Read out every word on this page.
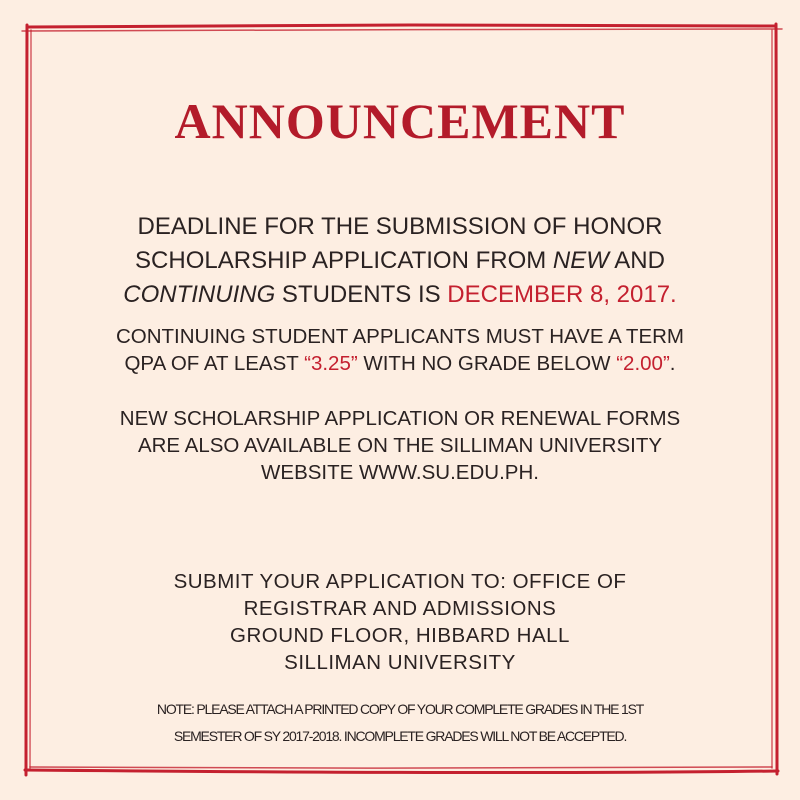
ANNOUNCEMENT
DEADLINE FOR THE SUBMISSION OF HONOR
SCHOLARSHIP APPLICATION FROM NEW AND
CONTINUING STUDENTS IS DECEMBER 8, 2017.
CONTINUING STUDENT APPLICANTS MUST HAVE A TERM
QPA OF AT LEAST “3.25” WITH NO GRADE BELOW “2.00”.
NEW SCHOLARSHIP APPLICATION OR RENEWAL FORMS
ARE ALSO AVAILABLE ON THE SILLIMAN UNIVERSITY
WEBSITE WWW.SU.EDU.PH.
SUBMIT YOUR APPLICATION TO: OFFICE OF
REGISTRAR AND ADMISSIONS
GROUND FLOOR, HIBBARD HALL
SILLIMAN UNIVERSITY
NOTE: PLEASE ATTACH A PRINTED COPY OF YOUR COMPLETE GRADES IN THE 1ST
SEMESTER OF SY 2017-2018. INCOMPLETE GRADES WILL NOT BE ACCEPTED.
